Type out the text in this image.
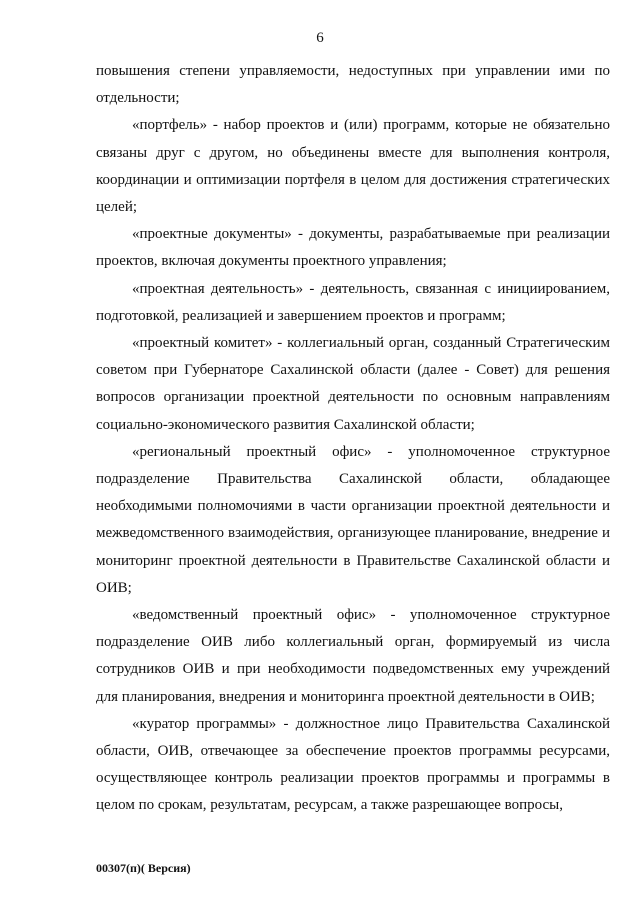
6

повышения степени управляемости, недоступных при управлении ими по отдельности;

«портфель» - набор проектов и (или) программ, которые не обязательно связаны друг с другом, но объединены вместе для выполнения контроля, координации и оптимизации портфеля в целом для достижения стратегических целей;

«проектные документы» - документы, разрабатываемые при реализации проектов, включая документы проектного управления;

«проектная деятельность» - деятельность, связанная с инициированием, подготовкой, реализацией и завершением проектов и программ;

«проектный комитет» - коллегиальный орган, созданный Стратегическим советом при Губернаторе Сахалинской области (далее - Совет) для решения вопросов организации проектной деятельности по основным направлениям социально-экономического развития Сахалинской области;

«региональный проектный офис» - уполномоченное структурное подразделение Правительства Сахалинской области, обладающее необходимыми полномочиями в части организации проектной деятельности и межведомственного взаимодействия, организующее планирование, внедрение и мониторинг проектной деятельности в Правительстве Сахалинской области и ОИВ;

«ведомственный проектный офис» - уполномоченное структурное подразделение ОИВ либо коллегиальный орган, формируемый из числа сотрудников ОИВ и при необходимости подведомственных ему учреждений для планирования, внедрения и мониторинга проектной деятельности в ОИВ;

«куратор программы» - должностное лицо Правительства Сахалинской области, ОИВ, отвечающее за обеспечение проектов программы ресурсами, осуществляющее контроль реализации проектов программы и программы в целом по срокам, результатам, ресурсам, а также разрешающее вопросы,

00307(п)( Версия)
